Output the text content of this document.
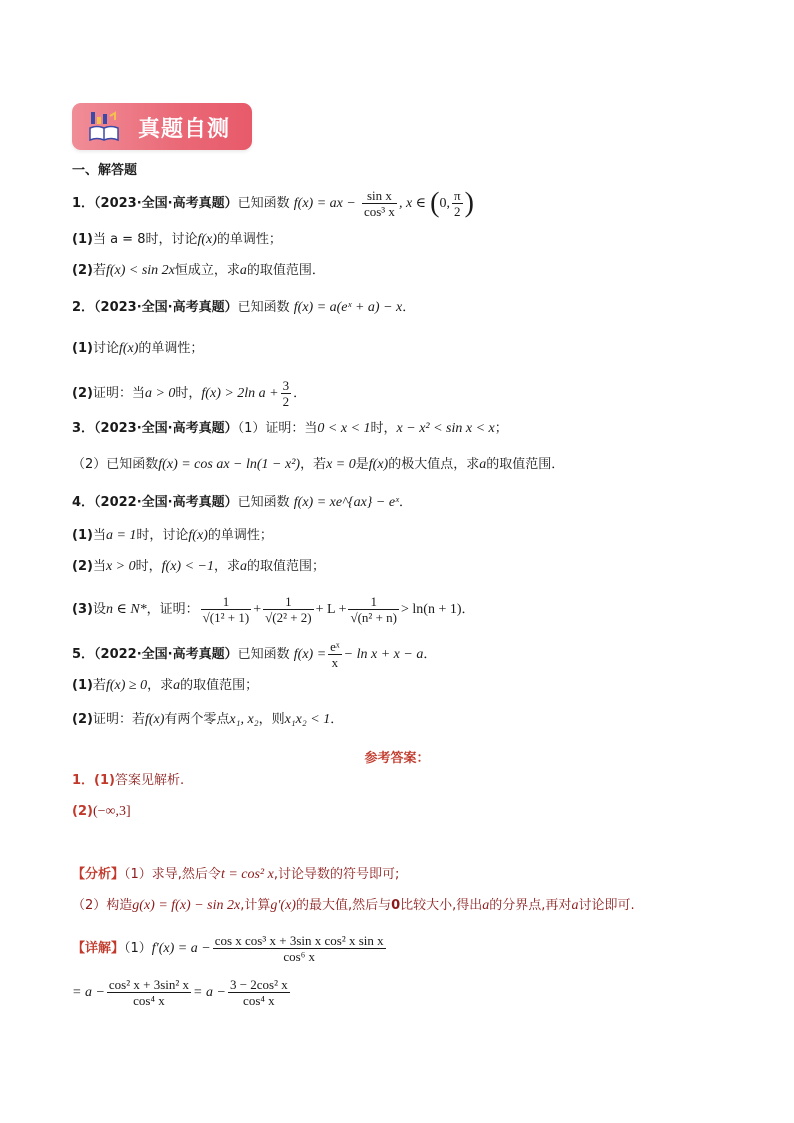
真题自测
一、解答题
1．（2023·全国·高考真题）已知函数 f(x) = ax − $\frac{\text{sin x}}{\text{cos³ x}}$ , x ∈ (0, $\frac{\pi}{2}$ )
(1)当 a = 8时，讨论f(x)的单调性；
(2)若f(x) < sin 2x恒成立，求a的取值范围．
2．（2023·全国·高考真题）已知函数 f(x) = a(eˣ + a) − x．
(1)讨论f(x)的单调性；
(2)证明：当a > 0时，f(x) > 2ln $a + \frac{3}{2}$ ．
3．（2023·全国·高考真题）（1）证明：当0 < x < 1时，x − x² < sin x < x；
（2）已知函数f(x) = cos ax − ln(1 − x²)，若x = 0是f(x)的极大值点，求a的取值范围．
4．（2022·全国·高考真题）已知函数 f(x) = xe^{ax} − eˣ．
(1)当a = 1时，讨论f(x)的单调性；
(2)当x > 0时，f(x) < −1，求a的取值范围；
(3)设n ∈ N*，证明： $\frac{1}{\text{√(1² + 1)}} + \frac{1}{\text{√(2² + 2)}} + L + \frac{1}{\text{√(n² + n)}} > \ln(n + 1)$．
5．（2022·全国·高考真题）已知函数 $f(x) = \frac{\text{eˣ}}{x} - \ln x + x - a$．
(1)若f(x) ≥ 0，求a的取值范围；
(2)证明：若f(x)有两个零点x₁, x₂，则x₁x₂ < 1．
参考答案：
1．(1)答案见解析.
(2)(−∞,3]
【分析】（1）求导,然后令t = cos² x,讨论导数的符号即可;
（2）构造g(x) = f(x) − sin 2x,计算g′(x)的最大值,然后与0比较大小,得出a的分界点,再对a讨论即可.
【详解】$(1)f'(x) = a - \frac{\text{cos x cos³ x + 3sin x cos² x sin x}}{\text{cos⁶ x}}$
= $a - \frac{\text{cos² x + 3sin² x}}{\text{cos⁴ x}} = a - \frac{\text{3 − 2cos² x}}{\text{cos⁴ x}}$
